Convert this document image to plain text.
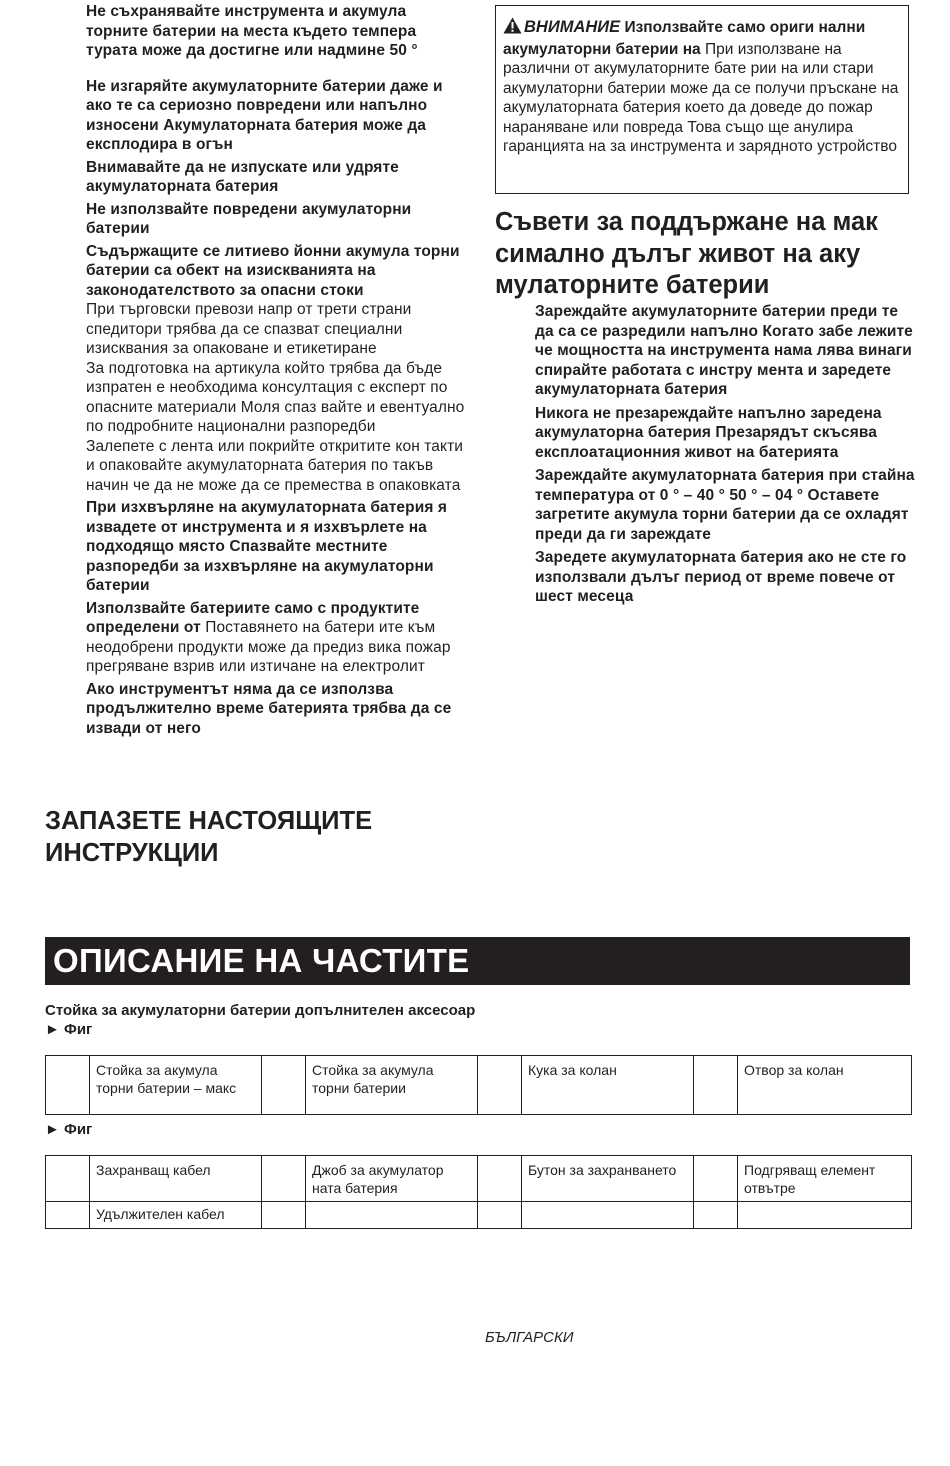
Не съхранявайте инструмента и акумула торните батерии на места където темпера турата може да достигне или надмине 50 °
Не изгаряйте акумулаторните батерии даже и ако те са сериозно повредени или напълно износени Акумулаторната батерия може да експлодира в огън
Внимавайте да не изпускате или удряте акумулаторната батерия
Не използвайте повредени акумулаторни батерии
Съдържащите се литиево йонни акумула торни батерии са обект на изискванията на законодателството за опасни стоки
При търговски превози напр от трети страни спедитори трябва да се спазват специални изисквания за опаковане и етикетиране
За подготовка на артикула който трябва да бъде изпратен е необходима консултация с експерт по опасните материали Моля спаз вайте и евентуално по подробните национални разпоредби
Залепете с лента или покрийте откритите кон такти и опаковайте акумулаторната батерия по такъв начин че да не може да се премества в опаковката
При изхвърляне на акумулаторната батерия я извадете от инструмента и я изхвърлете на подходящо място Спазвайте местните разпоредби за изхвърляне на акумулаторни батерии
Използвайте батериите само с продуктите определени от Поставянето на батери ите към неодобрени продукти може да предиз вика пожар прегряване взрив или изтичане на електролит
Ако инструментът няма да се използва продължително време батерията трябва да се извади от него
ЗАПАЗЕТЕ НАСТОЯЩИТЕ ИНСТРУКЦИИ
ВНИМАНИЕ Използвайте само ориги нални акумулаторни батерии на При използване на различни от акумулаторните бате рии на или стари акумулаторни батерии може да се получи пръскане на акумулаторната батерия което да доведе до пожар нараняване или повреда Това също ще анулира гаранцията на за инструмента и зарядното устройство
Съвети за поддържане на мак симално дълъг живот на аку мулаторните батерии
Зареждайте акумулаторните батерии преди те да са се разредили напълно Когато забе лежите че мощността на инструмента нама лява винаги спирайте работата с инстру мента и заредете акумулаторната батерия
Никога не презареждайте напълно заредена акумулаторна батерия Презарядът скъсява експлоатационния живот на батерията
Зареждайте акумулаторната батерия при стайна температура от 0 ° – 40 ° 50 ° – 04 ° Оставете загретите акумула торни батерии да се охладят преди да ги зареждате
Заредете акумулаторната батерия ако не сте го използвали дълъг период от време повече от шест месеца
ОПИСАНИЕ НА ЧАСТИТЕ
Стойка за акумулаторни батерии допълнителен аксесоар
► Фиг
	Стойка за акумула торни батерии – макс		Стойка за акумула торни батерии		Кука за колан		Отвор за колан
► Фиг
	Захранващ кабел		Джоб за акумулатор ната батерия		Бутон за захранването		Подгряващ елемент отвътре
	Удължителен кабел						
БЪЛГАРСКИ
